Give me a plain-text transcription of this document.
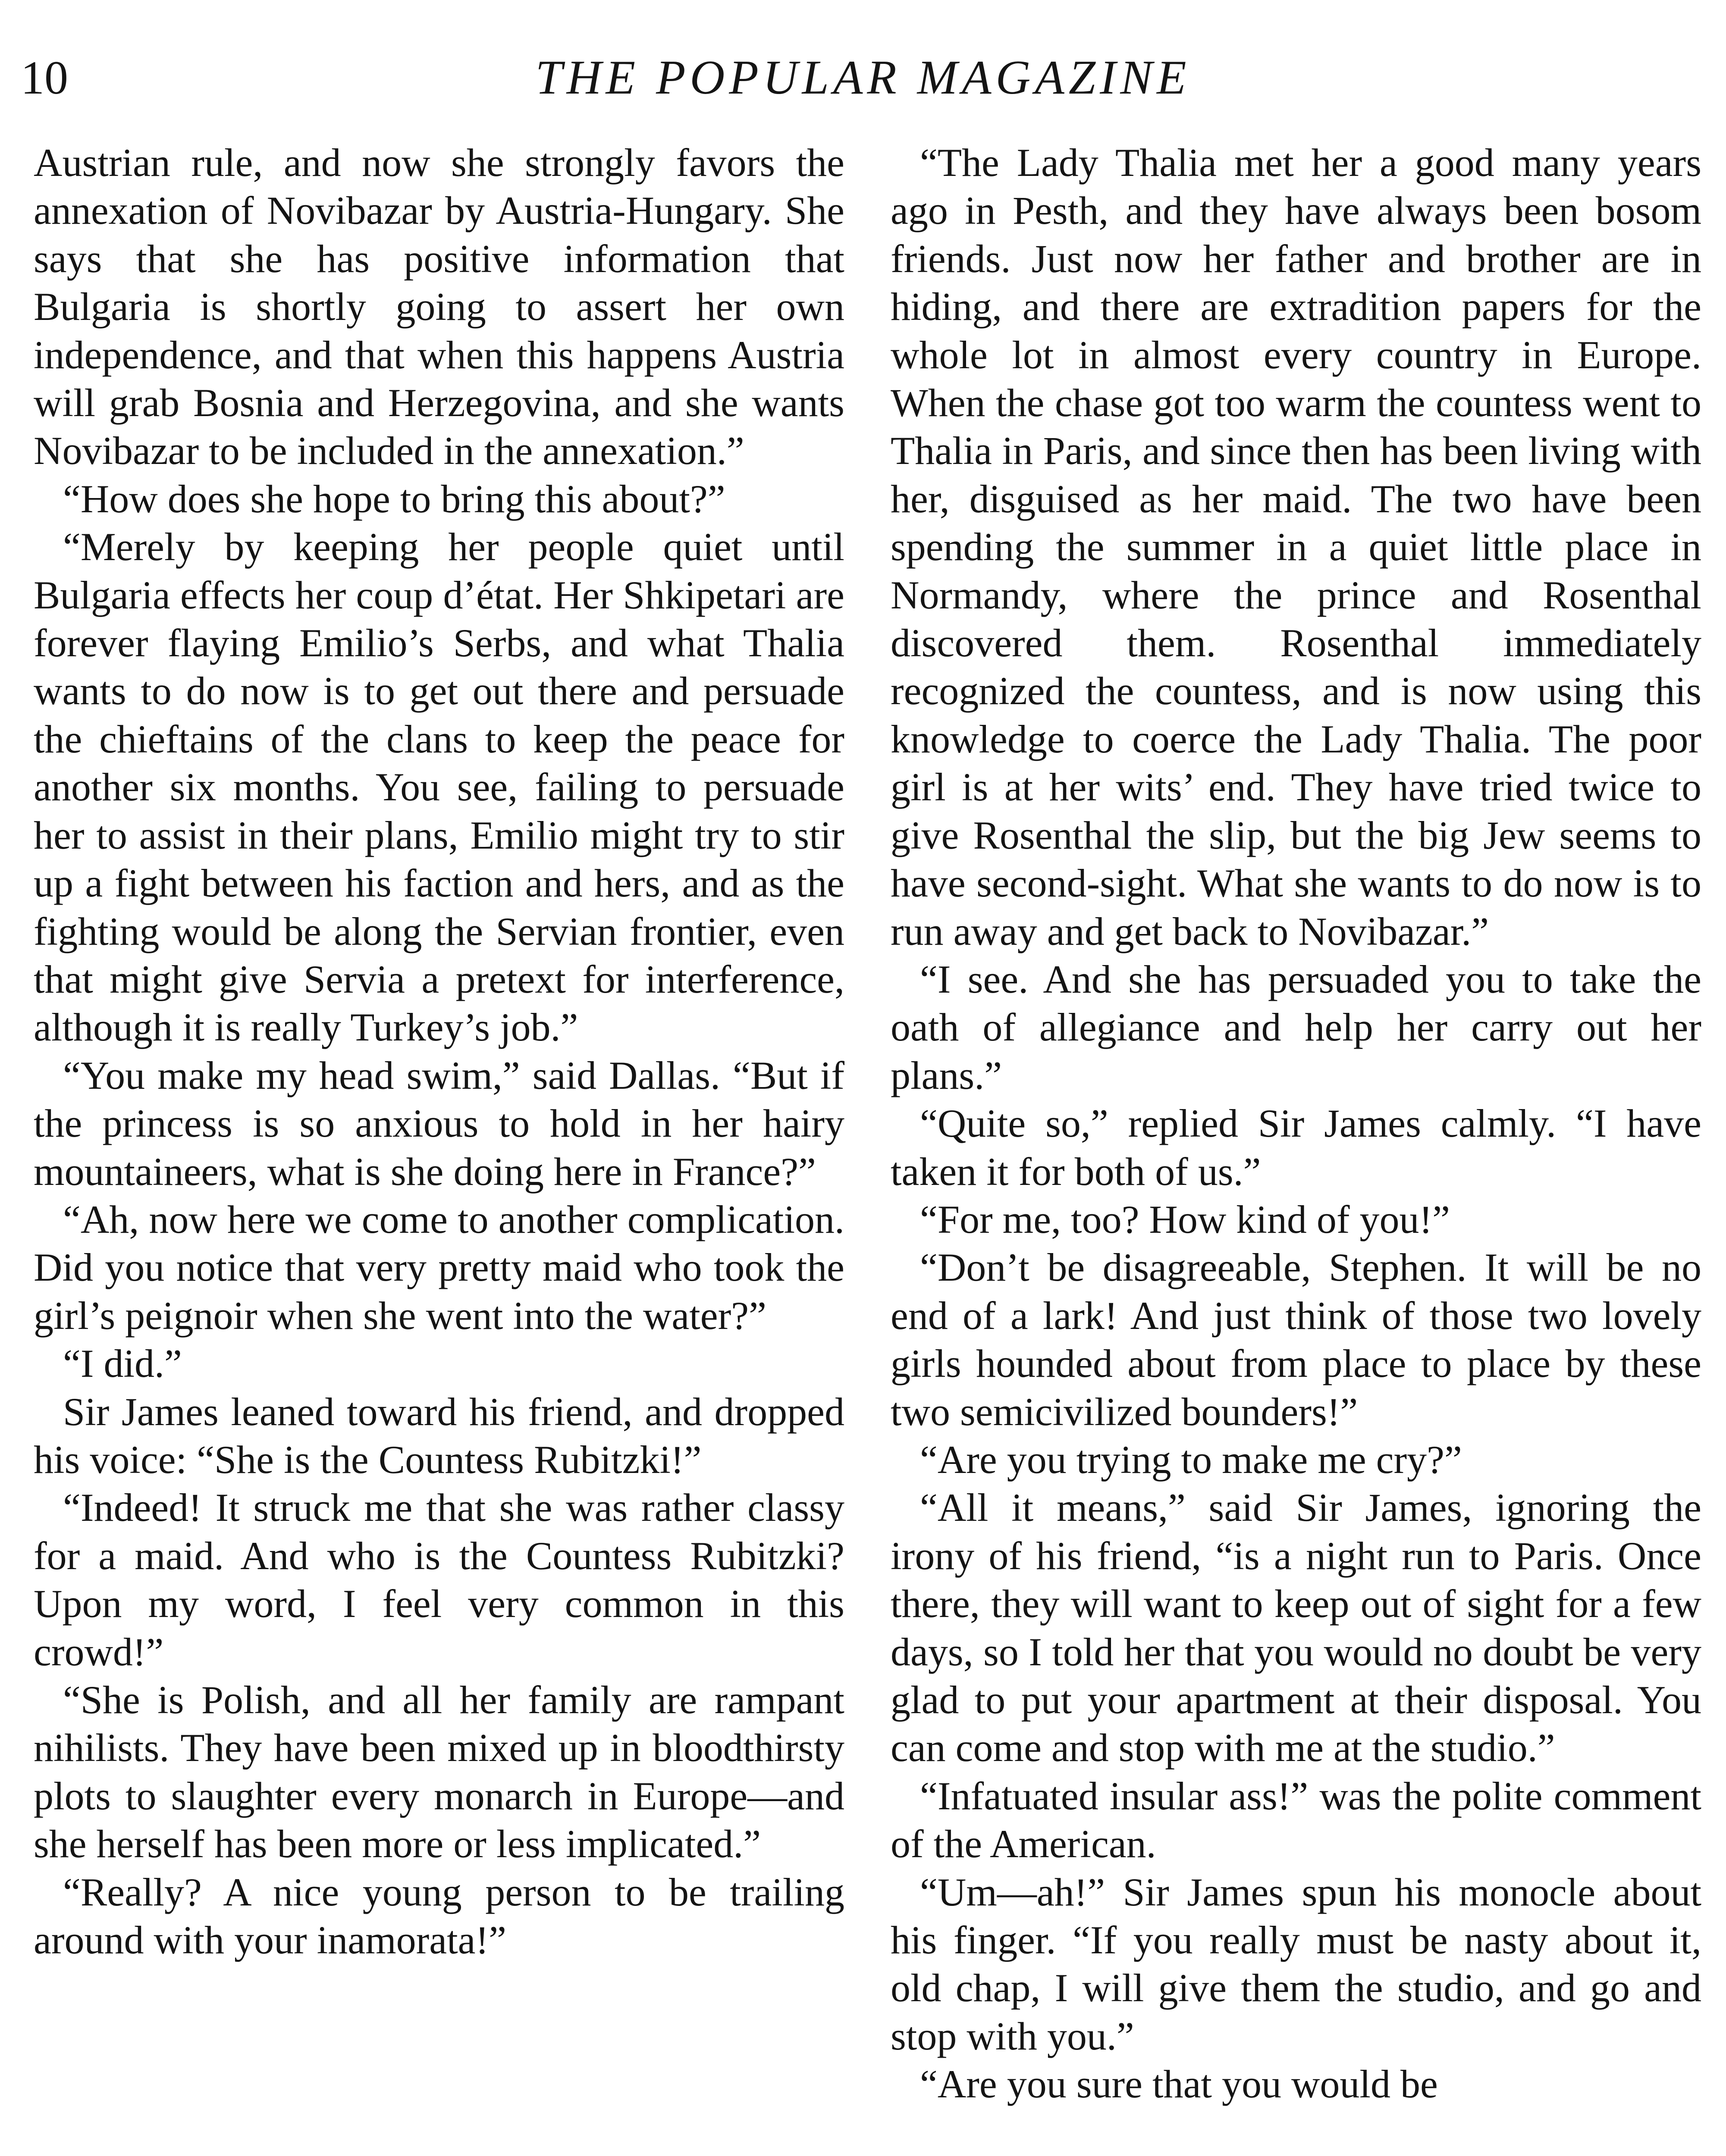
10	THE POPULAR MAGAZINE

Austrian rule, and now she strongly favors the annexation of Novibazar by Austria-Hungary. She says that she has positive information that Bulgaria is shortly going to assert her own independence, and that when this happens Austria will grab Bosnia and Herzegovina, and she wants Novibazar to be included in the annexation.”

“How does she hope to bring this about?”

“Merely by keeping her people quiet until Bulgaria effects her coup d’état. Her Shkipetari are forever flaying Emilio’s Serbs, and what Thalia wants to do now is to get out there and persuade the chieftains of the clans to keep the peace for another six months. You see, failing to persuade her to assist in their plans, Emilio might try to stir up a fight between his faction and hers, and as the fighting would be along the Servian frontier, even that might give Servia a pretext for interference, although it is really Turkey’s job.”

“You make my head swim,” said Dallas. “But if the princess is so anxious to hold in her hairy mountaineers, what is she doing here in France?”

“Ah, now here we come to another complication. Did you notice that very pretty maid who took the girl’s peignoir when she went into the water?”

“I did.”

Sir James leaned toward his friend, and dropped his voice: “She is the Countess Rubitzki!”

“Indeed! It struck me that she was rather classy for a maid. And who is the Countess Rubitzki? Upon my word, I feel very common in this crowd!”

“She is Polish, and all her family are rampant nihilists. They have been mixed up in bloodthirsty plots to slaughter every monarch in Europe—and she herself has been more or less implicated.”

“Really? A nice young person to be trailing around with your inamorata!”

“The Lady Thalia met her a good many years ago in Pesth, and they have always been bosom friends. Just now her father and brother are in hiding, and there are extradition papers for the whole lot in almost every country in Europe. When the chase got too warm the countess went to Thalia in Paris, and since then has been living with her, disguised as her maid. The two have been spending the summer in a quiet little place in Normandy, where the prince and Rosenthal discovered them. Rosenthal immediately recognized the countess, and is now using this knowledge to coerce the Lady Thalia. The poor girl is at her wits’ end. They have tried twice to give Rosenthal the slip, but the big Jew seems to have second-sight. What she wants to do now is to run away and get back to Novibazar.”

“I see. And she has persuaded you to take the oath of allegiance and help her carry out her plans.”

“Quite so,” replied Sir James calmly. “I have taken it for both of us.”

“For me, too? How kind of you!”

“Don’t be disagreeable, Stephen. It will be no end of a lark! And just think of those two lovely girls hounded about from place to place by these two semicivilized bounders!”

“Are you trying to make me cry?”

“All it means,” said Sir James, ignoring the irony of his friend, “is a night run to Paris. Once there, they will want to keep out of sight for a few days, so I told her that you would no doubt be very glad to put your apartment at their disposal. You can come and stop with me at the studio.”

“Infatuated insular ass!” was the polite comment of the American.

“Um—ah!” Sir James spun his monocle about his finger. “If you really must be nasty about it, old chap, I will give them the studio, and go and stop with you.”

“Are you sure that you would be
